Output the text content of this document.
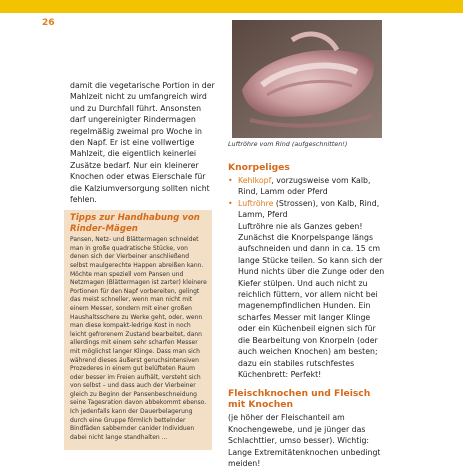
26

damit die vegetarische Portion in der Mahlzeit nicht zu umfangreich wird und zu Durchfall führt. Ansonsten darf ungereinigter Rindermagen regelmäßig zweimal pro Woche in den Napf. Er ist eine vollwertige Mahlzeit, die eigentlich keinerlei Zusätze bedarf. Nur ein kleinerer Knochen oder etwas Eierschale für die Kalziumversorgung sollten nicht fehlen.

Luftröhre vom Rind (aufgeschnitten!)
Tipps zur Handhabung von Rinder-Mägen
Pansen, Netz- und Blättermagen schneidet man in große quadratische Stücke, von denen sich der Vierbeiner anschließend selbst maulgerechte Happen abreißen kann. Möchte man speziell vom Pansen und Netzmagen (Blättermagen ist zarter) kleinere Portionen für den Napf vorbereiten, gelingt das meist schneller, wenn man nicht mit einem Messer, sondern mit einer großen Haushaltsschere zu Werke geht, oder, wenn man diese kompakt-ledrige Kost in noch leicht gefrorenem Zustand bearbeitet, dann allerdings mit einem sehr scharfen Messer mit möglichst langer Klinge. Dass man sich während dieses äußerst geruchsintensiven Prozederes in einem gut belüfteten Raum oder besser im Freien aufhält, versteht sich von selbst – und dass auch der Vierbeiner gleich zu Beginn der Pansenbeschneidung seine Tagesration davon abbekommt ebenso. Ich jedenfalls kann der Dauerbelagerung durch eine Gruppe förmlich bettelnder Bindfäden sabbernder canider Individuen dabei nicht lange standhalten ...
Knorpeliges
• Kehlkopf, vorzugsweise vom Kalb, Rind, Lamm oder Pferd
• Luftröhre (Strossen), von Kalb, Rind, Lamm, Pferd

Luftröhre nie als Ganzes geben! Zunächst die Knorpelspange längs aufschneiden und dann in ca. 15 cm lange Stücke teilen. So kann sich der Hund nichts über die Zunge oder den Kiefer stülpen. Und auch nicht zu reichlich füttern, vor allem nicht bei magenempfindlichen Hunden. Ein scharfes Messer mit langer Klinge oder ein Küchenbeil eignen sich für die Bearbeitung von Knorpeln (oder auch weichen Knochen) am besten; dazu ein stabiles rutschfestes Küchenbrett: Perfekt!

Fleischknochen und Fleisch mit Knochen

(je höher der Fleischanteil am Knochengewebe, und je jünger das Schlachttier, umso besser). Wichtig: Lange Extremitätenknochen unbedingt meiden!
